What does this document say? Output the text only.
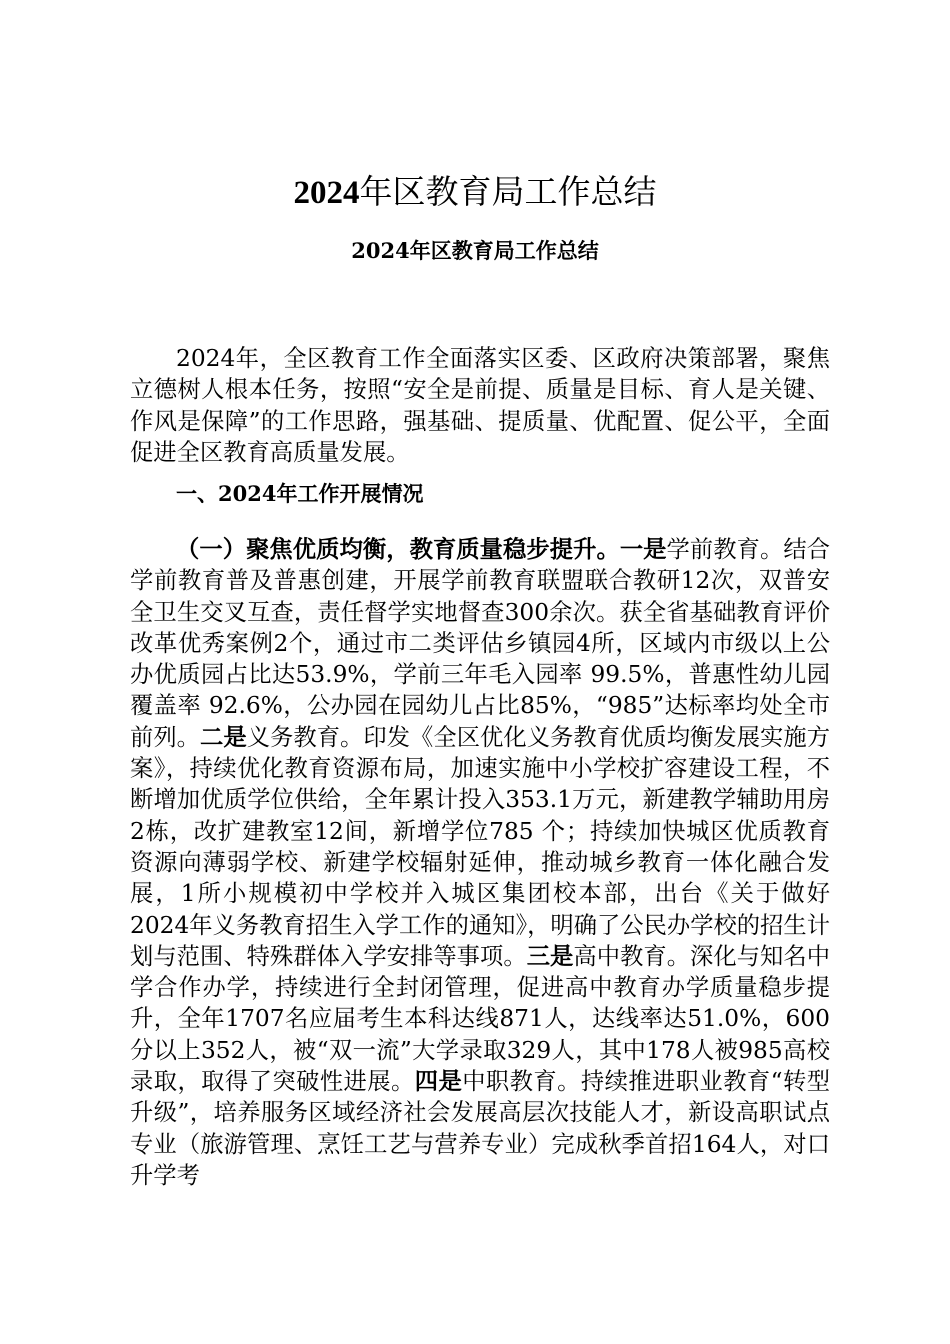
2024年区教育局工作总结
2024年区教育局工作总结

2024年，全区教育工作全面落实区委、区政府决策部署，聚焦立德树人根本任务，按照“安全是前提、质量是目标、育人是关键、作风是保障”的工作思路，强基础、提质量、优配置、促公平，全面促进全区教育高质量发展。

一、2024年工作开展情况

（一）聚焦优质均衡，教育质量稳步提升。一是学前教育。结合学前教育普及普惠创建，开展学前教育联盟联合教研12次，双普安全卫生交叉互查，责任督学实地督查300余次。获全省基础教育评价改革优秀案例2个，通过市二类评估乡镇园4所，区域内市级以上公办优质园占比达53.9%，学前三年毛入园率 99.5%，普惠性幼儿园覆盖率 92.6%，公办园在园幼儿占比85%，“985”达标率均处全市前列。二是义务教育。印发《全区优化义务教育优质均衡发展实施方案》，持续优化教育资源布局，加速实施中小学校扩容建设工程，不断增加优质学位供给，全年累计投入353.1万元，新建教学辅助用房2栋，改扩建教室12间，新增学位785 个；持续加快城区优质教育资源向薄弱学校、新建学校辐射延伸，推动城乡教育一体化融合发展，1所小规模初中学校并入城区集团校本部，出台《关于做好2024年义务教育招生入学工作的通知》，明确了公民办学校的招生计划与范围、特殊群体入学安排等事项。三是高中教育。深化与知名中学合作办学，持续进行全封闭管理，促进高中教育办学质量稳步提升，全年1707名应届考生本科达线871人，达线率达51.0%，600分以上352人，被“双一流”大学录取329人，其中178人被985高校录取，取得了突破性进展。四是中职教育。持续推进职业教育“转型升级”，培养服务区域经济社会发展高层次技能人才，新设高职试点专业（旅游管理、烹饪工艺与营养专业）完成秋季首招164人，对口升学考
